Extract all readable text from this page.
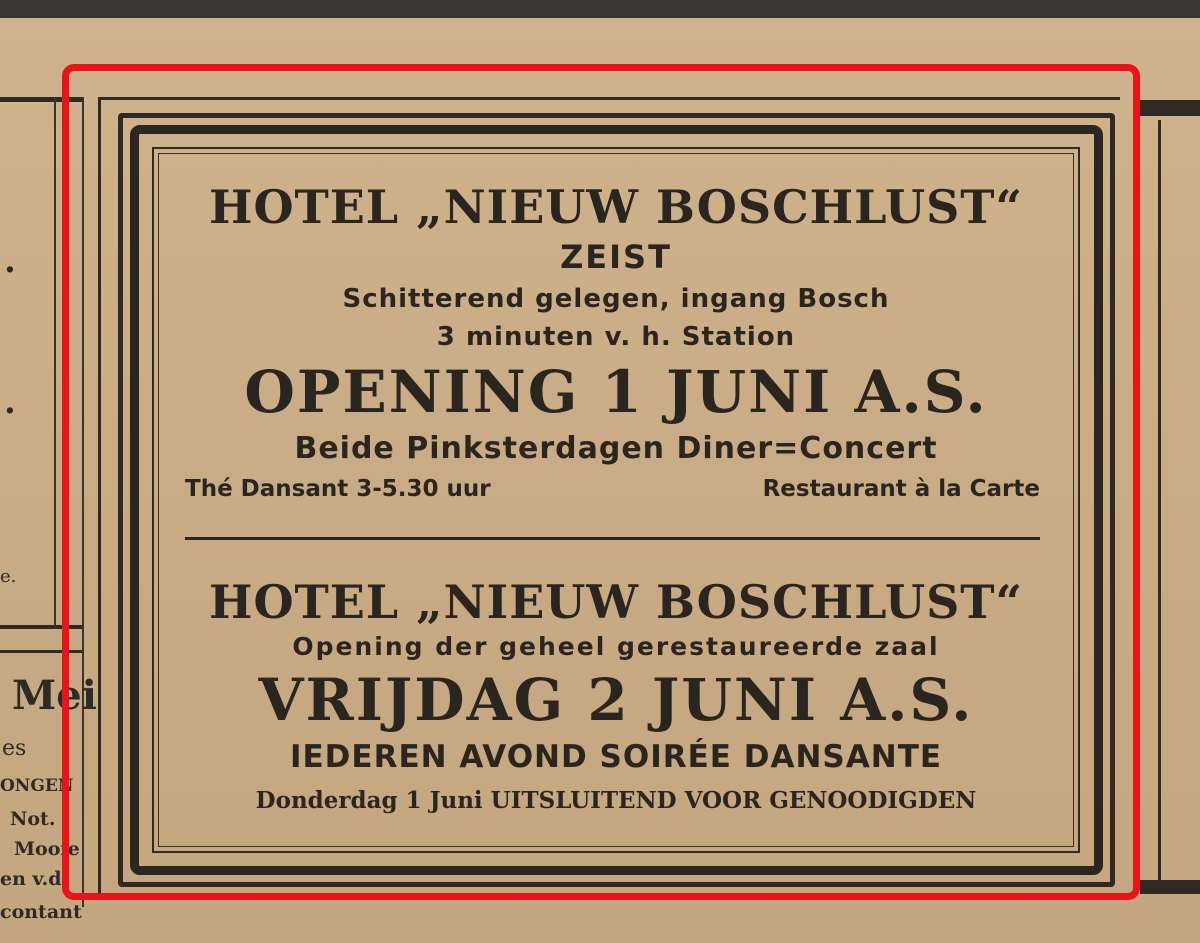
.
.
e.
Mei
es
ONGEN
Not.
Mooie
en v.d.
contant
HOTEL „NIEUW BOSCHLUST“
ZEIST
Schitterend gelegen, ingang Bosch
3 minuten v. h. Station
OPENING 1 JUNI A.S.
Beide Pinksterdagen Diner=Concert
Thé Dansant 3-5.30 uur	Restaurant à la Carte
HOTEL „NIEUW BOSCHLUST“
Opening der geheel gerestaureerde zaal
VRIJDAG 2 JUNI A.S.
IEDEREN AVOND SOIRÉE DANSANTE
Donderdag 1 Juni UITSLUITEND VOOR GENOODIGDEN
